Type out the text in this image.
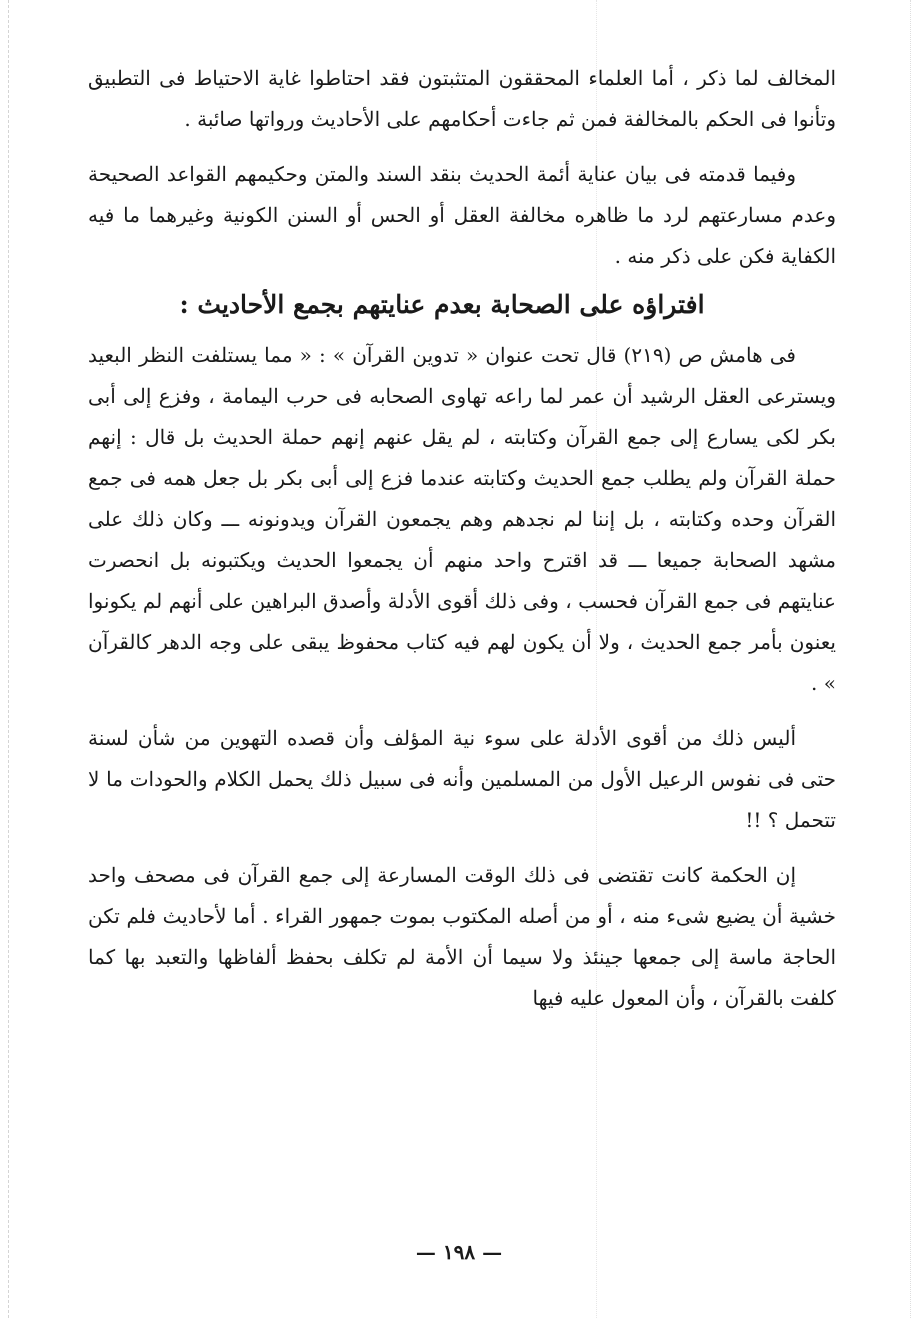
المخالف لما ذكر ، أما العلماء المحققون المتثبتون فقد احتاطوا غاية الاحتياط فى التطبيق وتأنوا فى الحكم بالمخالفة فمن ثم جاءت أحكامهم على الأحاديث ورواتها صائبة .

وفيما قدمته فى بيان عناية أئمة الحديث بنقد السند والمتن وحكيمهم القواعد الصحيحة وعدم مسارعتهم لرد ما ظاهره مخالفة العقل أو الحس أو السنن الكونية وغيرهما ما فيه الكفاية فكن على ذكر منه .

افتراؤه على الصحابة بعدم عنايتهم بجمع الأحاديث :

فى هامش ص (٢١٩) قال تحت عنوان « تدوين القرآن » : « مما يستلفت النظر البعيد ويسترعى العقل الرشيد أن عمر لما راعه تهاوى الصحابه فى حرب اليمامة ، وفزع إلى أبى بكر لكى يسارع إلى جمع القرآن وكتابته ، لم يقل عنهم إنهم حملة الحديث بل قال : إنهم حملة القرآن ولم يطلب جمع الحديث وكتابته عندما فزع إلى أبى بكر بل جعل همه فى جمع القرآن وحده وكتابته ، بل إننا لم نجدهم وهم يجمعون القرآن ويدونونه ـــ وكان ذلك على مشهد الصحابة جميعا ـــ قد اقترح واحد منهم أن يجمعوا الحديث ويكتبونه بل انحصرت عنايتهم فى جمع القرآن فحسب ، وفى ذلك أقوى الأدلة وأصدق البراهين على أنهم لم يكونوا يعنون بأمر جمع الحديث ، ولا أن يكون لهم فيه كتاب محفوظ يبقى على وجه الدهر كالقرآن » .

أليس ذلك من أقوى الأدلة على سوء نية المؤلف وأن قصده التهوين من شأن لسنة حتى فى نفوس الرعيل الأول من المسلمين وأنه فى سبيل ذلك يحمل الكلام والحودات ما لا تتحمل ؟ !!

إن الحكمة كانت تقتضى فى ذلك الوقت المسارعة إلى جمع القرآن فى مصحف واحد خشية أن يضيع شىء منه ، أو من أصله المكتوب بموت جمهور القراء . أما لأحاديث فلم تكن الحاجة ماسة إلى جمعها جينئذ ولا سيما أن الأمة لم تكلف بحفظ ألفاظها والتعبد بها كما كلفت بالقرآن ، وأن المعول عليه فيها

— ١٩٨ —
